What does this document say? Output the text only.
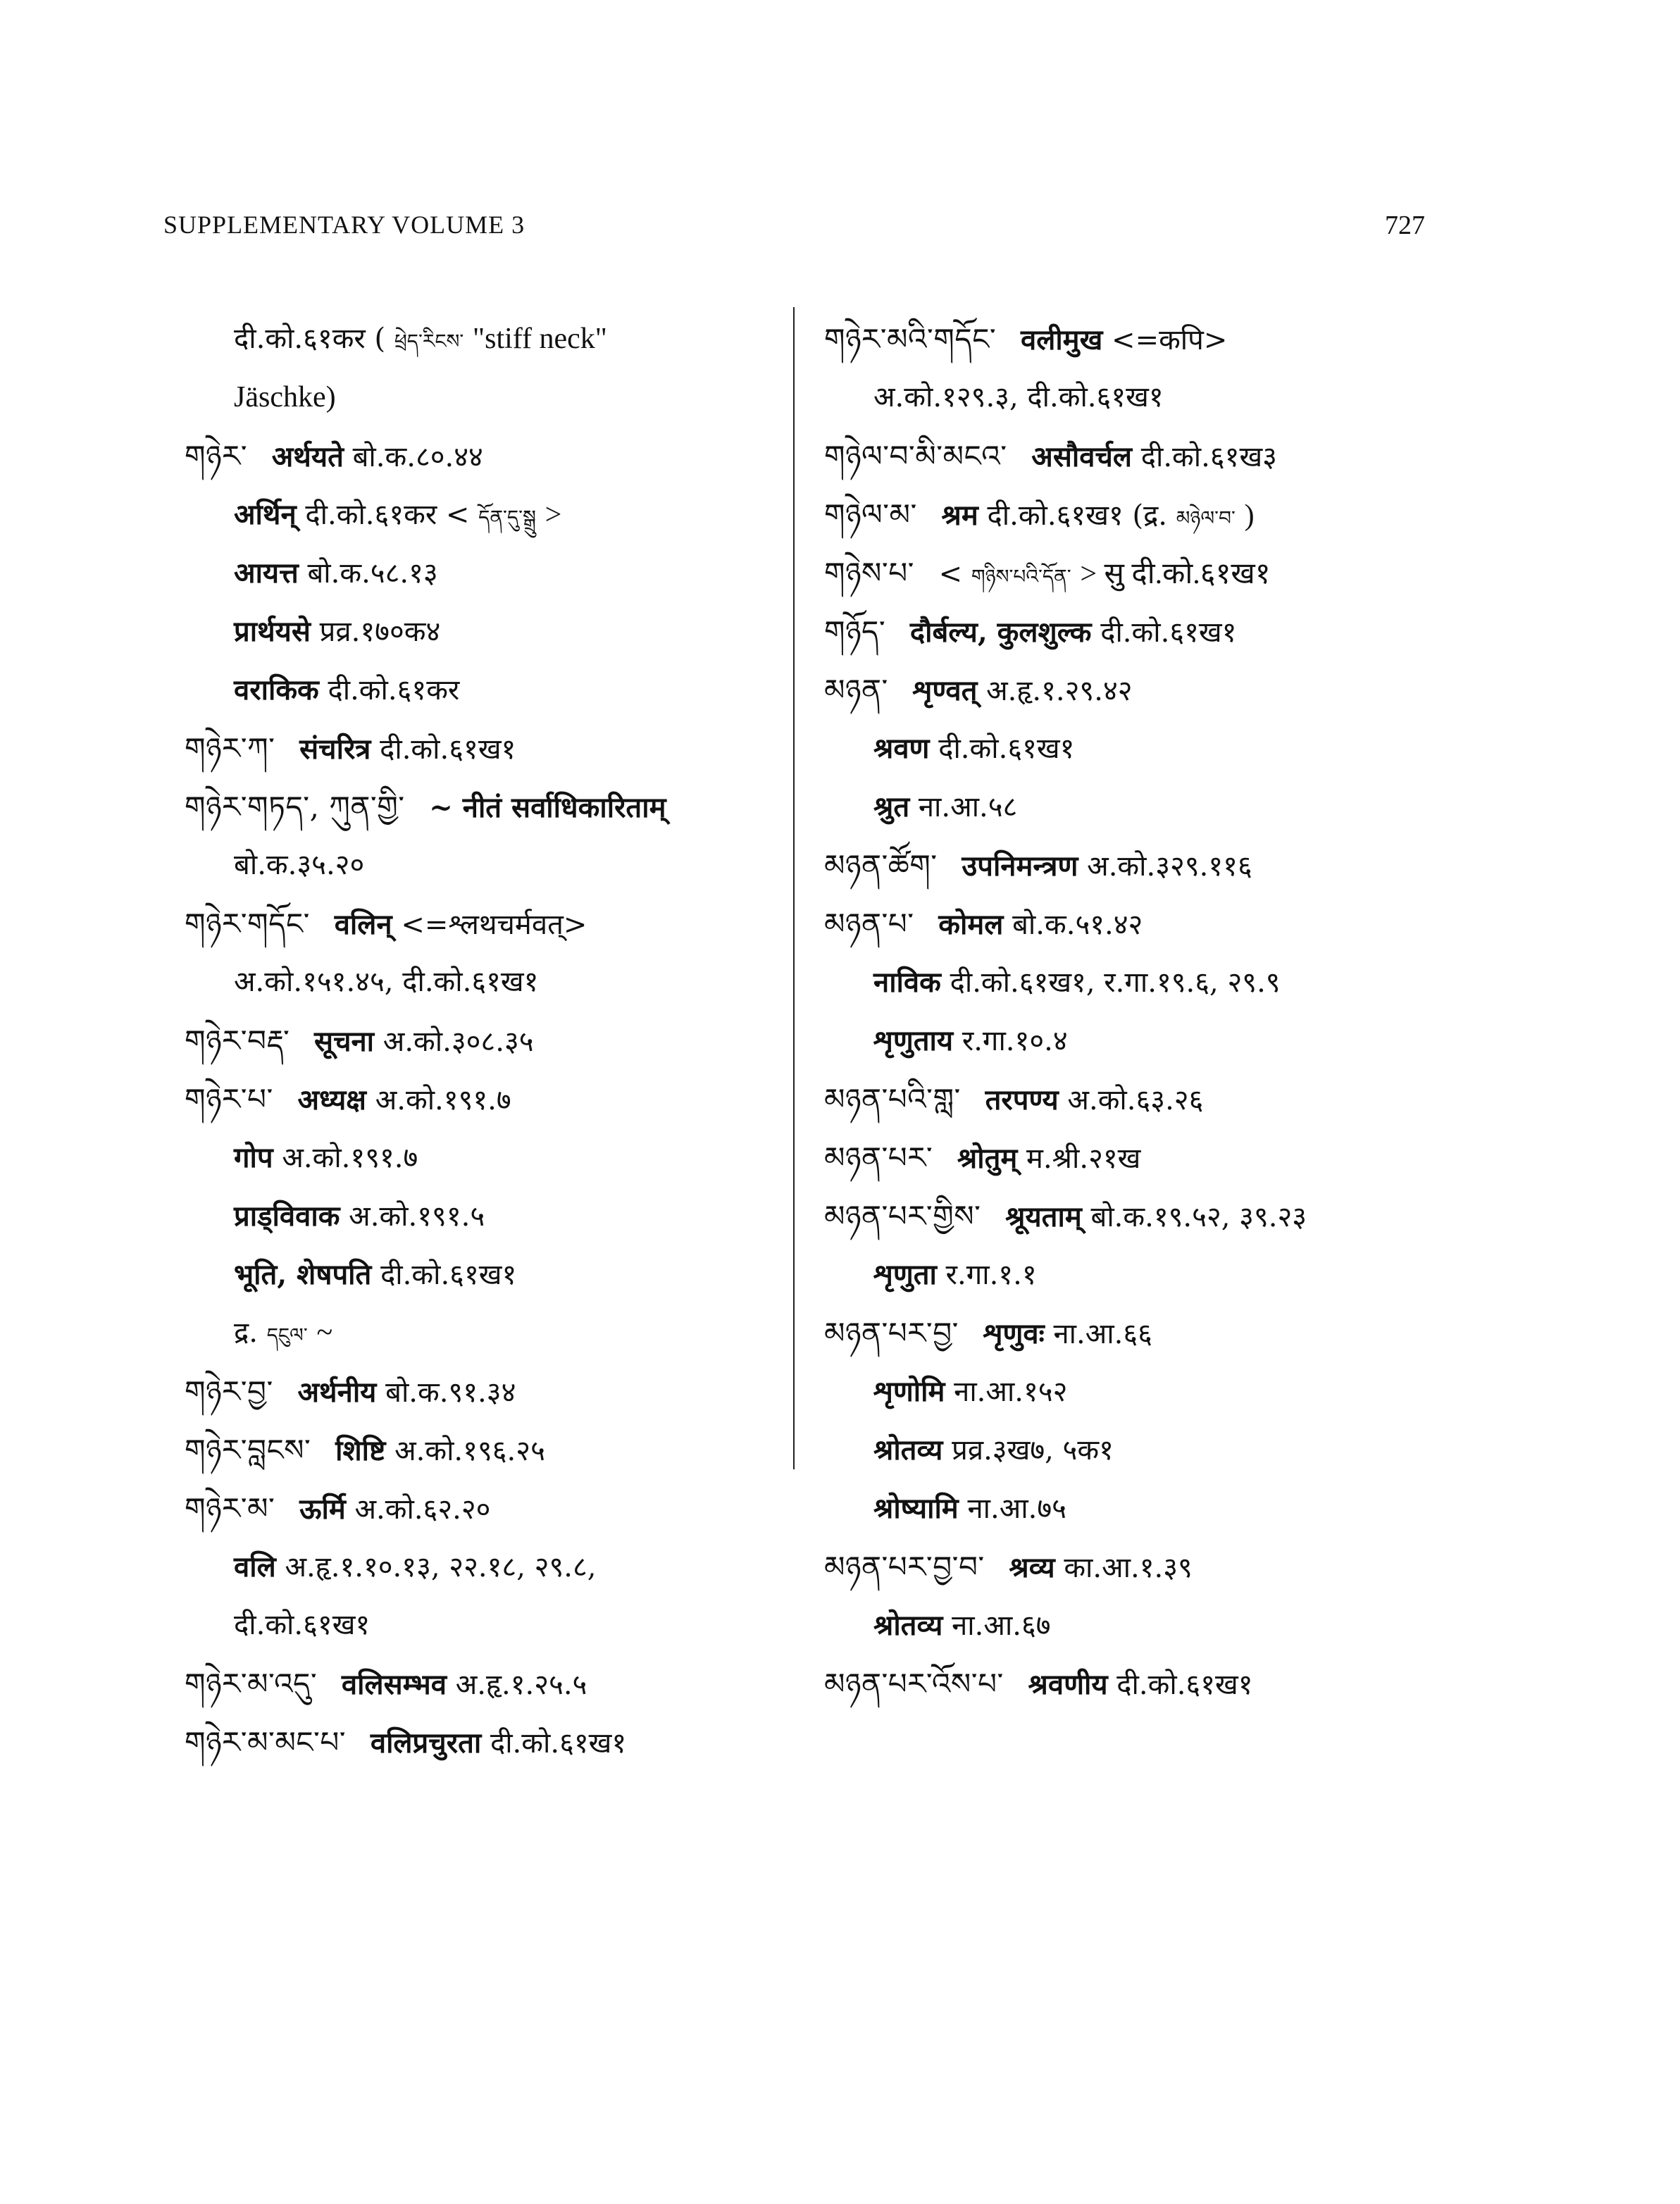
SUPPLEMENTARY VOLUME 3	727
दी.को.६१कर ( ཕྲེད་རིངས་ "stiff neck"
Jäschke)
གཉེར་ अर्थयते बो.क.८०.४४
अर्थिन् दी.को.६१कर < དོན་དུ་སྒྲུ >
आयत्त बो.क.५८.१३
प्रार्थयसे प्रव्र.१७०क४
वराकिक दी.को.६१कर
གཉེར་ཀ་ संचरित्र दी.को.६१ख१
གཉེར་གཏད་, ཀུན་གྱི་ ~ नीतं सर्वाधिकारिताम्
बो.क.३५.२०
གཉེར་གདོང་ वलिन् <=श्लथचर्मवत्>
अ.को.१५१.४५, दी.को.६१ख१
གཉེར་བརྡ་ सूचना अ.को.३०८.३५
གཉེར་པ་ अध्यक्ष अ.को.१९१.७
गोप अ.को.१९१.७
प्राड्विवाक अ.को.१९१.५
भूति, शेषपति दी.को.६१ख१
द्र. དངུལ་ ~
གཉེར་བྱ་ अर्थनीय बो.क.९१.३४
གཉེར་བླངས་ शिष्टि अ.को.१९६.२५
གཉེར་མ་ ऊर्मि अ.को.६२.२०
वलि अ.हृ.१.१०.१३, २२.१८, २९.८,
दी.को.६१ख१
གཉེར་མ་འདུ་ वलिसम्भव अ.हृ.१.२५.५
གཉེར་མ་མང་པ་ वलिप्रचुरता दी.को.६१ख१
གཉེར་མའི་གདོང་ वलीमुख <=कपि>
अ.को.१२९.३, दी.को.६१ख१
གཉེལ་བ་མི་མངའ་ असौवर्चल दी.को.६१ख३
གཉེལ་མ་ श्रम दी.को.६१ख१ (द्र. མཉེལ་བ་ )
གཉེས་པ་ < གཉིས་པའི་དོན་ > सु दी.को.६१ख१
གཉོད་ दौर्बल्य, कुलशुल्क दी.को.६१ख१
མཉན་ शृण्वत् अ.हृ.१.२९.४२
श्रवण दी.को.६१ख१
श्रुत ना.आ.५८
མཉན་ཚོག་ उपनिमन्त्रण अ.को.३२९.११६
མཉན་པ་ कोमल बो.क.५१.४२
नाविक दी.को.६१ख१, र.गा.१९.६, २९.९
शृणुताय र.गा.१०.४
མཉན་པའི་གླ་ तरपण्य अ.को.६३.२६
མཉན་པར་ श्रोतुम् म.श्री.२१ख
མཉན་པར་གྱིས་ श्रूयताम् बो.क.१९.५२, ३९.२३
शृणुता र.गा.१.१
མཉན་པར་བྱ་ शृणुवः ना.आ.६६
शृणोमि ना.आ.१५२
श्रोतव्य प्रव्र.३ख७, ५क१
श्रोष्यामि ना.आ.७५
མཉན་པར་བྱ་བ་ श्रव्य का.आ.१.३९
श्रोतव्य ना.आ.६७
མཉན་པར་འོས་པ་ श्रवणीय दी.को.६१ख१
